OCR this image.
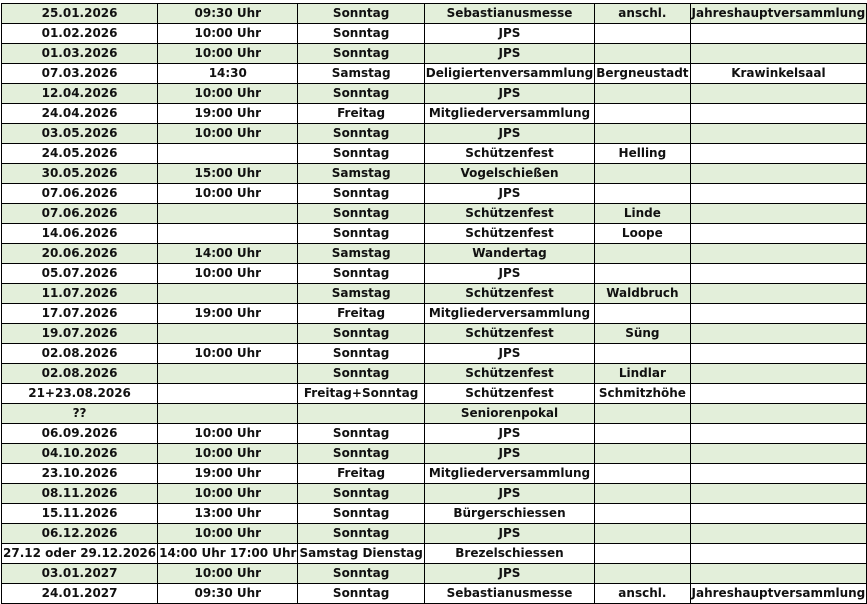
25.01.2026	09:30 Uhr	Sonntag	Sebastianusmesse	anschl.	Jahreshauptversammlung
01.02.2026	10:00 Uhr	Sonntag	JPS		
01.03.2026	10:00 Uhr	Sonntag	JPS		
07.03.2026	14:30	Samstag	Deligiertenversammlung	Bergneustadt	Krawinkelsaal
12.04.2026	10:00 Uhr	Sonntag	JPS		
24.04.2026	19:00 Uhr	Freitag	Mitgliederversammlung		
03.05.2026	10:00 Uhr	Sonntag	JPS		
24.05.2026		Sonntag	Schützenfest	Helling	
30.05.2026	15:00 Uhr	Samstag	Vogelschießen		
07.06.2026	10:00 Uhr	Sonntag	JPS		
07.06.2026		Sonntag	Schützenfest	Linde	
14.06.2026		Sonntag	Schützenfest	Loope	
20.06.2026	14:00 Uhr	Samstag	Wandertag		
05.07.2026	10:00 Uhr	Sonntag	JPS		
11.07.2026		Samstag	Schützenfest	Waldbruch	
17.07.2026	19:00 Uhr	Freitag	Mitgliederversammlung		
19.07.2026		Sonntag	Schützenfest	Süng	
02.08.2026	10:00 Uhr	Sonntag	JPS		
02.08.2026		Sonntag	Schützenfest	Lindlar	
21+23.08.2026		Freitag+Sonntag	Schützenfest	Schmitzhöhe	
??			Seniorenpokal		
06.09.2026	10:00 Uhr	Sonntag	JPS		
04.10.2026	10:00 Uhr	Sonntag	JPS		
23.10.2026	19:00 Uhr	Freitag	Mitgliederversammlung		
08.11.2026	10:00 Uhr	Sonntag	JPS		
15.11.2026	13:00 Uhr	Sonntag	Bürgerschiessen		
06.12.2026	10:00 Uhr	Sonntag	JPS		
27.12 oder 29.12.2026	14:00 Uhr 17:00 Uhr	Samstag Dienstag	Brezelschiessen		
03.01.2027	10:00 Uhr	Sonntag	JPS		
24.01.2027	09:30 Uhr	Sonntag	Sebastianusmesse	anschl.	Jahreshauptversammlung
